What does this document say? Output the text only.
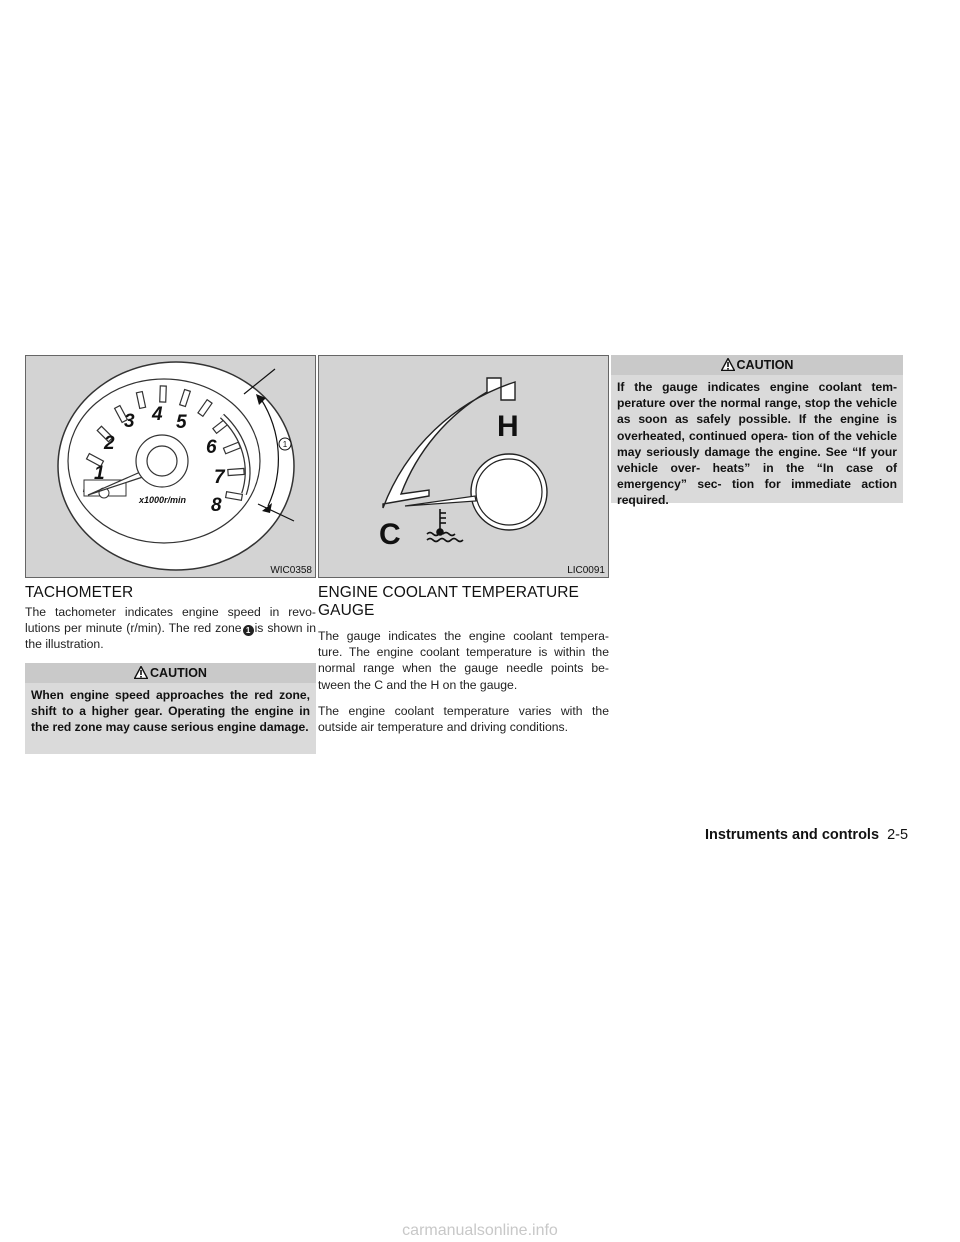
1
2
3 4 5
6
7
8
x1000r/min
1
WIC0358
H
C
LIC0091
TACHOMETER

The tachometer indicates engine speed in revo- lutions per minute (r/min). The red zone 1 is shown in the illustration.

CAUTION
When engine speed approaches the red zone, shift to a higher gear. Operating the engine in the red zone may cause serious engine damage.
ENGINE COOLANT TEMPERATURE
GAUGE

The gauge indicates the engine coolant tempera- ture. The engine coolant temperature is within the normal range when the gauge needle points be- tween the C and the H on the gauge.

The engine coolant temperature varies with the outside air temperature and driving conditions.

CAUTION
If the gauge indicates engine coolant tem- perature over the normal range, stop the vehicle as soon as safely possible. If the engine is overheated, continued opera- tion of the vehicle may seriously damage the engine. See “If your vehicle over- heats” in the “In case of emergency” sec- tion for immediate action required.
Instruments and controls 2-5
carmanualsonline.info
